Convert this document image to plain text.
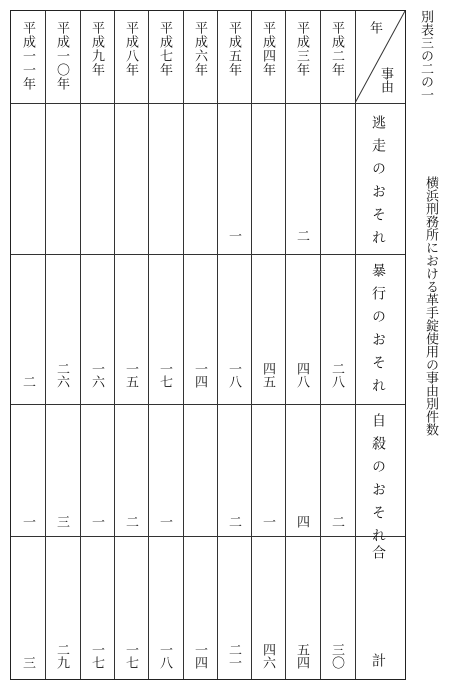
別表三の二の一
横浜刑務所における革手錠使用の事由別件数
年
事由
平成二年
平成三年
平成四年
平成五年
平成六年
平成七年
平成八年
平成九年
平成一〇年
平成一一年
逃走のおそれ
暴行のおそれ
自殺のおそれ
合
計
二
一
二八
四八
四五
一八
一四
一七
一五
一六
二六
二
二
四
一
二
一
二
一
三
一
三〇
五四
四六
二一
一四
一八
一七
一七
二九
三
